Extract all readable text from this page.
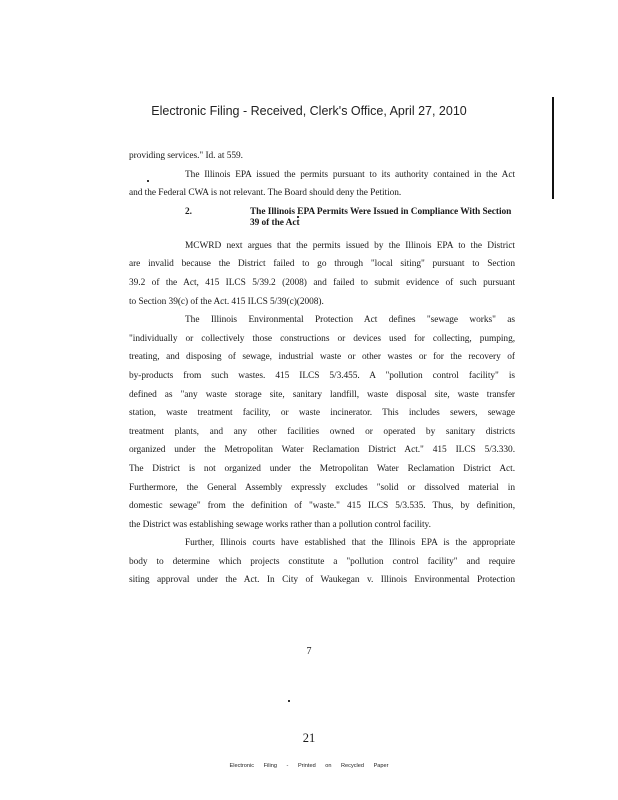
Electronic Filing - Received, Clerk's Office, April 27, 2010
providing services." Id. at 559.
The Illinois EPA issued the permits pursuant to its authority contained in the Act
and the Federal CWA is not relevant. The Board should deny the Petition.
2.	The Illinois EPA Permits Were Issued in Compliance With Section 39 of the Act
MCWRD next argues that the permits issued by the Illinois EPA to the District
are invalid because the District failed to go through "local siting" pursuant to Section
39.2 of the Act, 415 ILCS 5/39.2 (2008) and failed to submit evidence of such pursuant
to Section 39(c) of the Act. 415 ILCS 5/39(c)(2008).
The Illinois Environmental Protection Act defines "sewage works" as
"individually or collectively those constructions or devices used for collecting, pumping,
treating, and disposing of sewage, industrial waste or other wastes or for the recovery of
by-products from such wastes. 415 ILCS 5/3.455. A "pollution control facility" is
defined as "any waste storage site, sanitary landfill, waste disposal site, waste transfer
station, waste treatment facility, or waste incinerator. This includes sewers, sewage
treatment plants, and any other facilities owned or operated by sanitary districts
organized under the Metropolitan Water Reclamation District Act." 415 ILCS 5/3.330.
The District is not organized under the Metropolitan Water Reclamation District Act.
Furthermore, the General Assembly expressly excludes "solid or dissolved material in
domestic sewage" from the definition of "waste." 415 ILCS 5/3.535. Thus, by definition,
the District was establishing sewage works rather than a pollution control facility.
Further, Illinois courts have established that the Illinois EPA is the appropriate
body to determine which projects constitute a "pollution control facility" and require
siting approval under the Act. In City of Waukegan v. Illinois Environmental Protection
7
21
Electronic Filing - Printed on Recycled Paper
